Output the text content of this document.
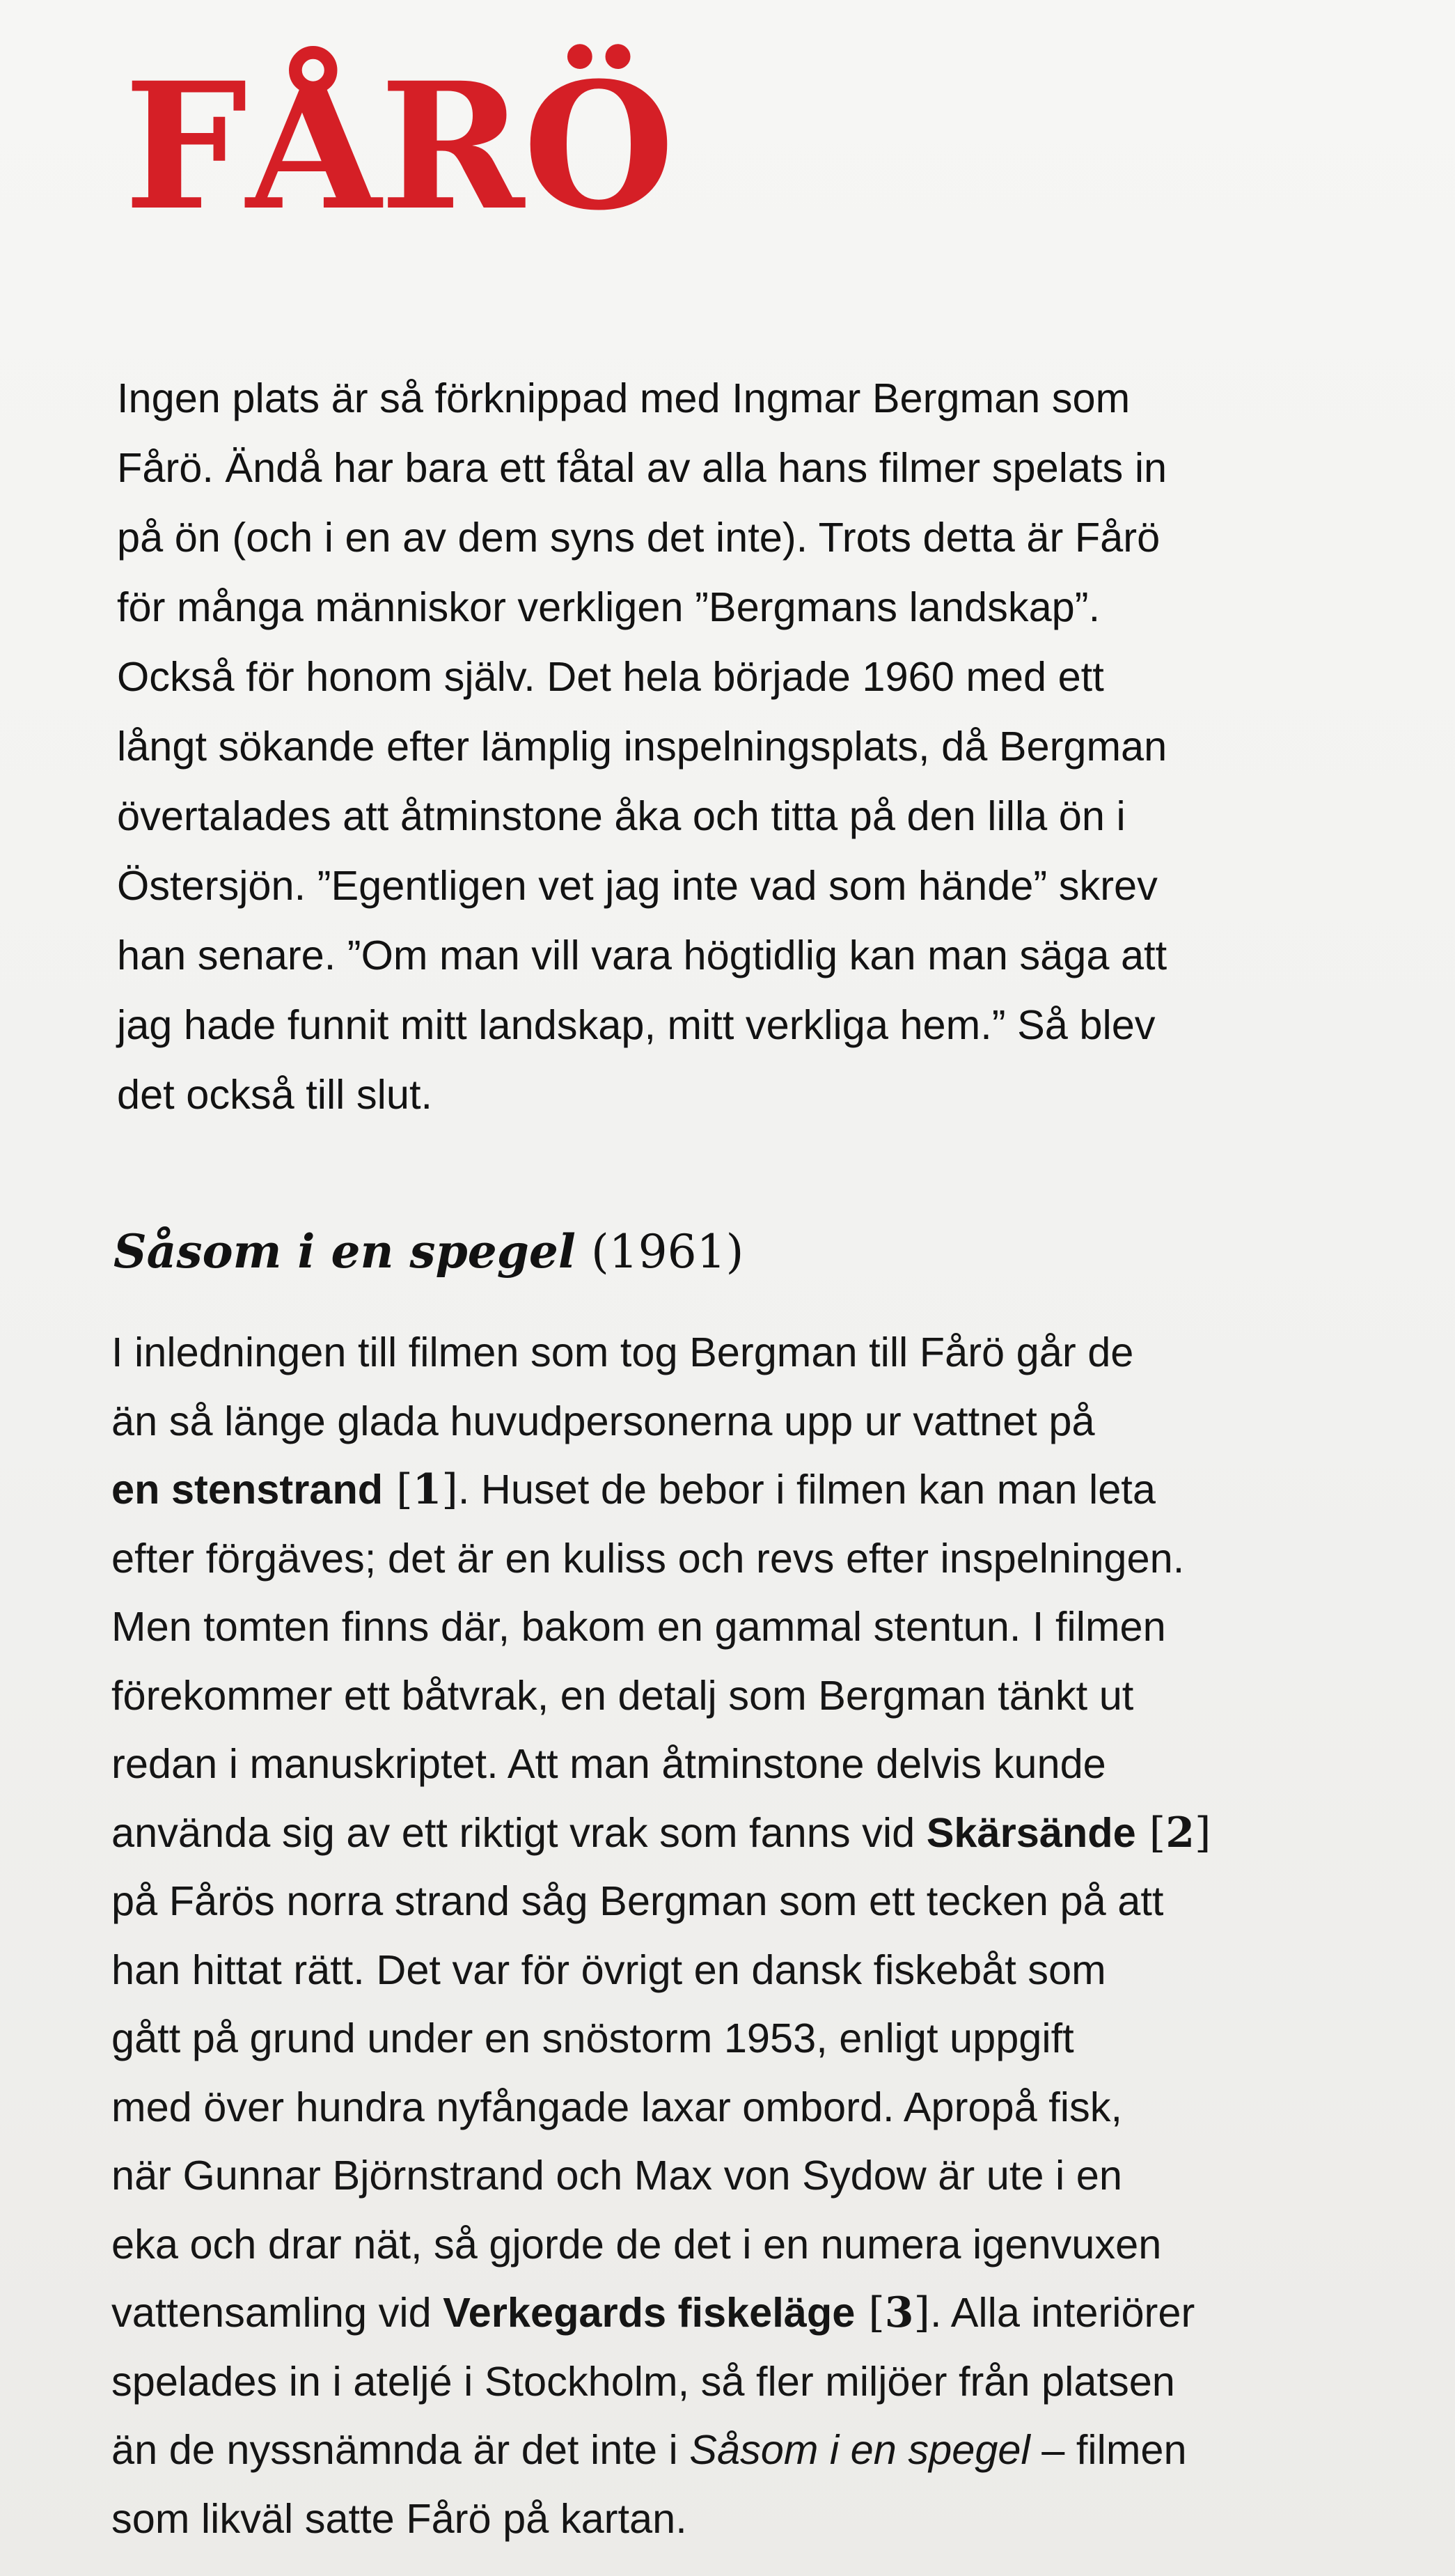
FÅRÖ

Ingen plats är så förknippad med Ingmar Bergman som
Fårö. Ändå har bara ett fåtal av alla hans filmer spelats in
på ön (och i en av dem syns det inte). Trots detta är Fårö
för många människor verkligen ”Bergmans landskap”.
Också för honom själv. Det hela började 1960 med ett
långt sökande efter lämplig inspelningsplats, då Bergman
övertalades att åtminstone åka och titta på den lilla ön i
Östersjön. ”Egentligen vet jag inte vad som hände” skrev
han senare. ”Om man vill vara högtidlig kan man säga att
jag hade funnit mitt landskap, mitt verkliga hem.” Så blev
det också till slut.

Såsom i en spegel (1961)

I inledningen till filmen som tog Bergman till Fårö går de
än så länge glada huvudpersonerna upp ur vattnet på
en stenstrand [1]. Huset de bebor i filmen kan man leta
efter förgäves; det är en kuliss och revs efter inspelningen.
Men tomten finns där, bakom en gammal stentun. I filmen
förekommer ett båtvrak, en detalj som Bergman tänkt ut
redan i manuskriptet. Att man åtminstone delvis kunde
använda sig av ett riktigt vrak som fanns vid Skärsände [2]
på Fårös norra strand såg Bergman som ett tecken på att
han hittat rätt. Det var för övrigt en dansk fiskebåt som
gått på grund under en snöstorm 1953, enligt uppgift
med över hundra nyfångade laxar ombord. Apropå fisk,
när Gunnar Björnstrand och Max von Sydow är ute i en
eka och drar nät, så gjorde de det i en numera igenvuxen
vattensamling vid Verkegards fiskeläge [3]. Alla interiörer
spelades in i ateljé i Stockholm, så fler miljöer från platsen
än de nyssnämnda är det inte i Såsom i en spegel – filmen
som likväl satte Fårö på kartan.
